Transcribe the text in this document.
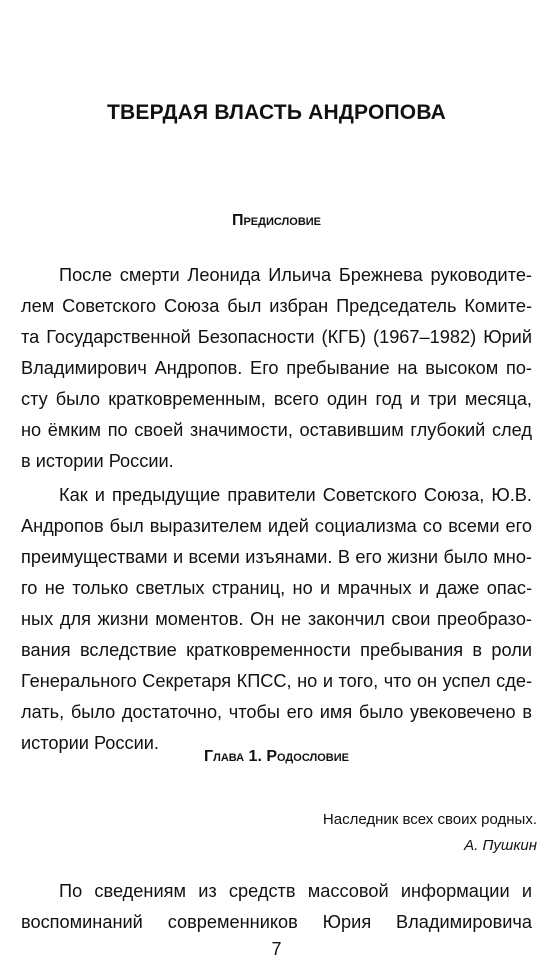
ТВЕРДАЯ ВЛАСТЬ АНДРОПОВА
Предисловие
После смерти Леонида Ильича Брежнева руководите-
лем Советского Союза был избран Председатель Комите-
та Государственной Безопасности (КГБ) (1967–1982) Юрий
Владимирович Андропов. Его пребывание на высоком по-
сту было кратковременным, всего один год и три месяца,
но ёмким по своей значимости, оставившим глубокий след
в истории России.
Как и предыдущие правители Советского Союза, Ю.В.
Андропов был выразителем идей социализма со всеми его
преимуществами и всеми изъянами. В его жизни было мно-
го не только светлых страниц, но и мрачных и даже опас-
ных для жизни моментов. Он не закончил свои преобразо-
вания вследствие кратковременности пребывания в роли
Генерального Секретаря КПСС, но и того, что он успел сде-
лать, было достаточно, чтобы его имя было увековечено в
истории России.
Глава 1. Родословие
Наследник всех своих родных.
А. Пушкин
По сведениям из средств массовой информации и
воспоминаний современников Юрия Владимировича
7
